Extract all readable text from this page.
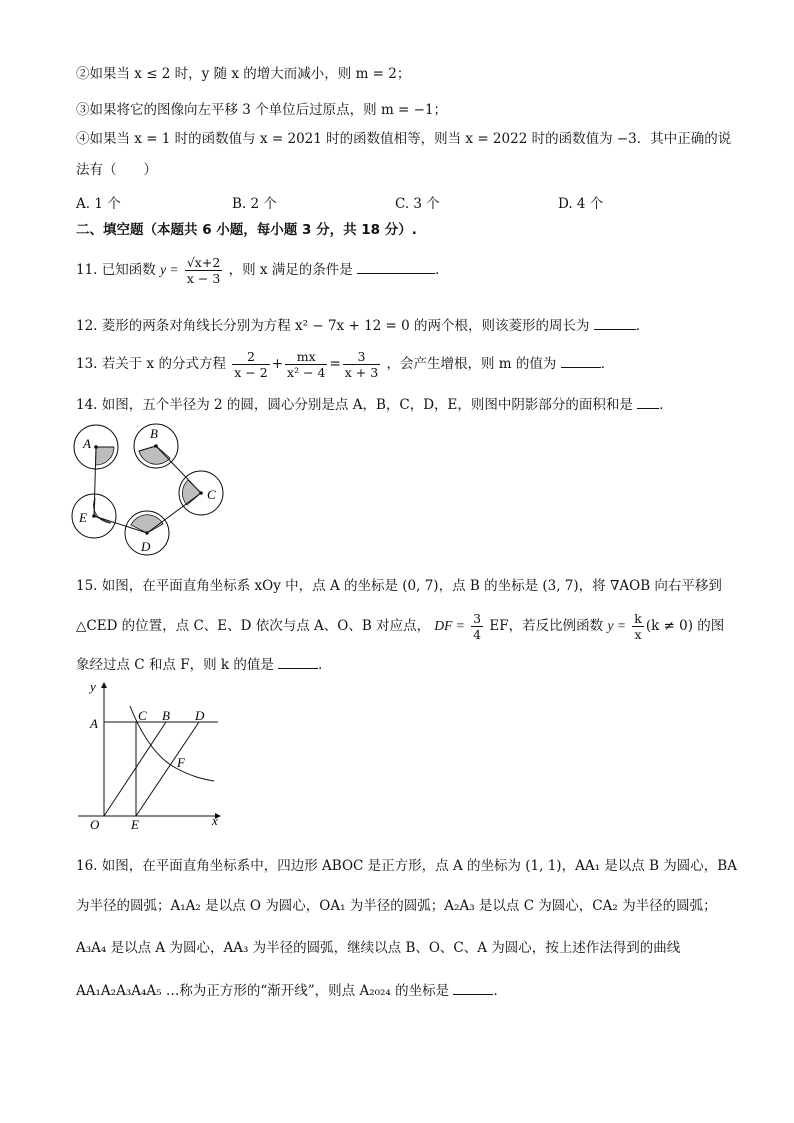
②如果当 x ≤ 2 时，y 随 x 的增大而减小，则 m = 2；
③如果将它的图像向左平移 3 个单位后过原点，则 m = −1；
④如果当 x = 1 时的函数值与 x = 2021 时的函数值相等，则当 x = 2022 时的函数值为 −3．其中正确的说
法有（　　）
A. 1 个	B. 2 个	C. 3 个	D. 4 个
二、填空题（本题共 6 小题，每小题 3 分，共 18 分）.
11. 已知函数 $y = \frac{√x+2}{x - 3}$ ，则 x 满足的条件是	．
12. 菱形的两条对角线长分别为方程 x² − 7x + 12 = 0 的两个根，则该菱形的周长为	．
13. 若关于 x 的分式方程 $\frac{2}{x - 2} + \frac{mx}{\text{x² − 4}} = \frac{3}{x + 3}$ ，会产生增根，则 m 的值为	．
14. 如图，五个半径为 2 的圆，圆心分别是点 A，B，C，D，E，则图中阴影部分的面积和是 ．
A
B
C
D
E
15. 如图，在平面直角坐标系 xOy 中，点 A 的坐标是 (0, 7)，点 B 的坐标是 (3, 7)，将 ∇AOB 向右平移到
△CED 的位置，点 C、E、D 依次与点 A、O、B 对应点， DF = $\frac{3}{4}$ EF，若反比例函数 $y = \frac{k}{x} (k \ne 0)$ 的图
象经过点 C 和点 F，则 k 的值是	．
y
x
A
C B D
F
O E
16. 如图，在平面直角坐标系中，四边形 ABOC 是正方形，点 A 的坐标为 (1, 1)，AA₁ 是以点 B 为圆心，BA
为半径的圆弧；A₁A₂ 是以点 O 为圆心，OA₁ 为半径的圆弧；A₂A₃ 是以点 C 为圆心，CA₂ 为半径的圆弧；
A₃A₄ 是以点 A 为圆心，AA₃ 为半径的圆弧，继续以点 B、O、C、A 为圆心，按上述作法得到的曲线
AA₁A₂A₃A₄A₅ …称为正方形的“渐开线”，则点 A₂₀₂₄ 的坐标是	．
